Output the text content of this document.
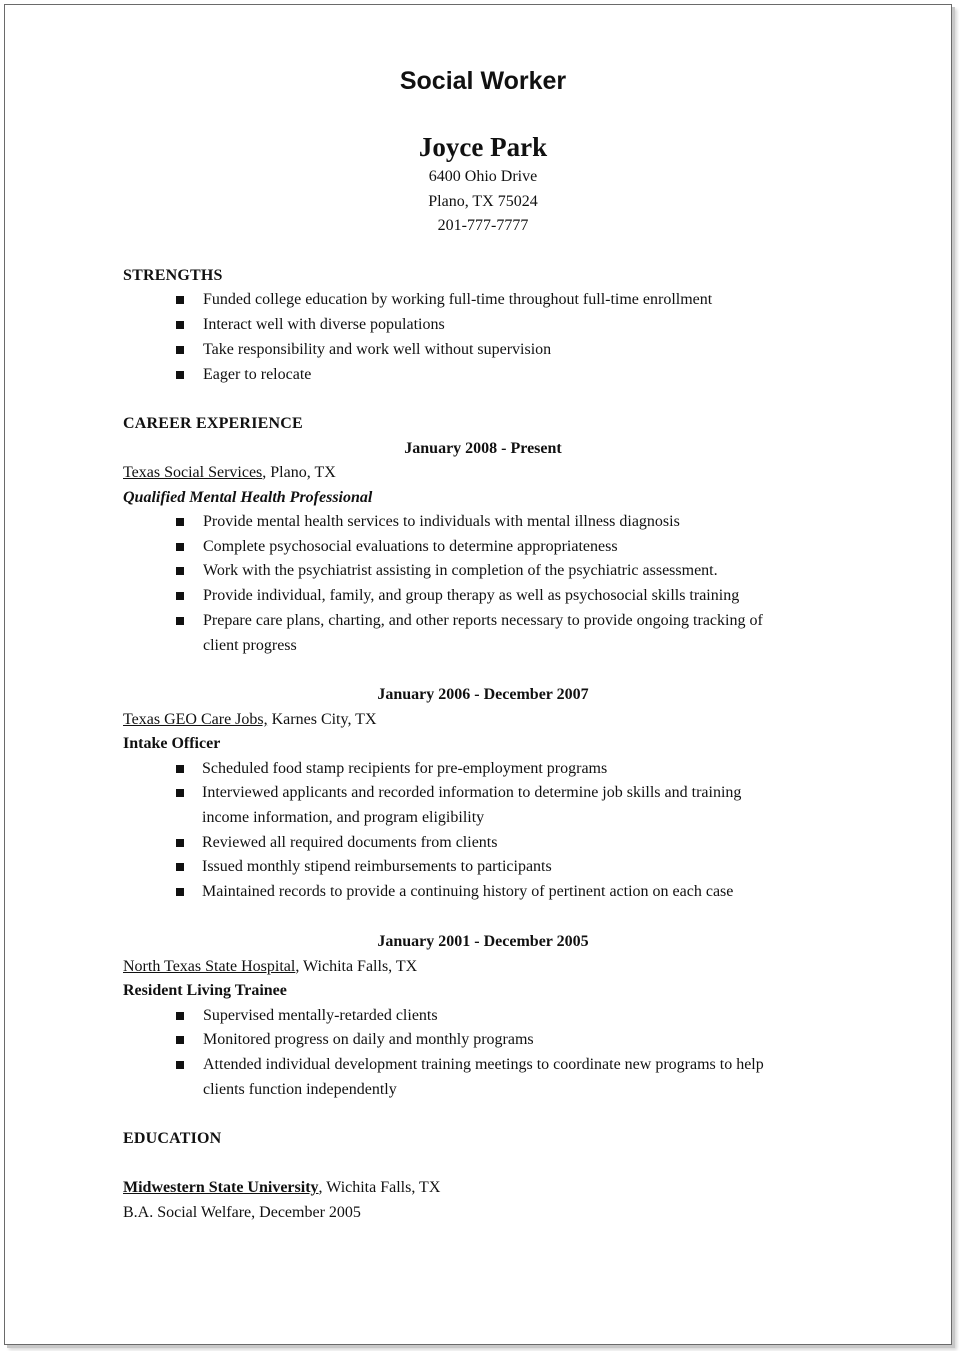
Social Worker
Joyce Park
6400 Ohio Drive
Plano, TX 75024
201-777-7777
STRENGTHS
Funded college education by working full-time throughout full-time enrollment
Interact well with diverse populations
Take responsibility and work well without supervision
Eager to relocate
CAREER EXPERIENCE
January 2008 - Present
Texas Social Services, Plano, TX
Qualified Mental Health Professional
Provide mental health services to individuals with mental illness diagnosis
Complete psychosocial evaluations to determine appropriateness
Work with the psychiatrist assisting in completion of the psychiatric assessment.
Provide individual, family, and group therapy as well as psychosocial skills training
Prepare care plans, charting, and other reports necessary to provide ongoing tracking of
client progress
January 2006 - December 2007
Texas GEO Care Jobs, Karnes City, TX
Intake Officer
Scheduled food stamp recipients for pre-employment programs
Interviewed applicants and recorded information to determine job skills and training
income information, and program eligibility
Reviewed all required documents from clients
Issued monthly stipend reimbursements to participants
Maintained records to provide a continuing history of pertinent action on each case
January 2001 - December 2005
North Texas State Hospital, Wichita Falls, TX
Resident Living Trainee
Supervised mentally-retarded clients
Monitored progress on daily and monthly programs
Attended individual development training meetings to coordinate new programs to help
clients function independently
EDUCATION
Midwestern State University, Wichita Falls, TX
B.A. Social Welfare, December 2005
